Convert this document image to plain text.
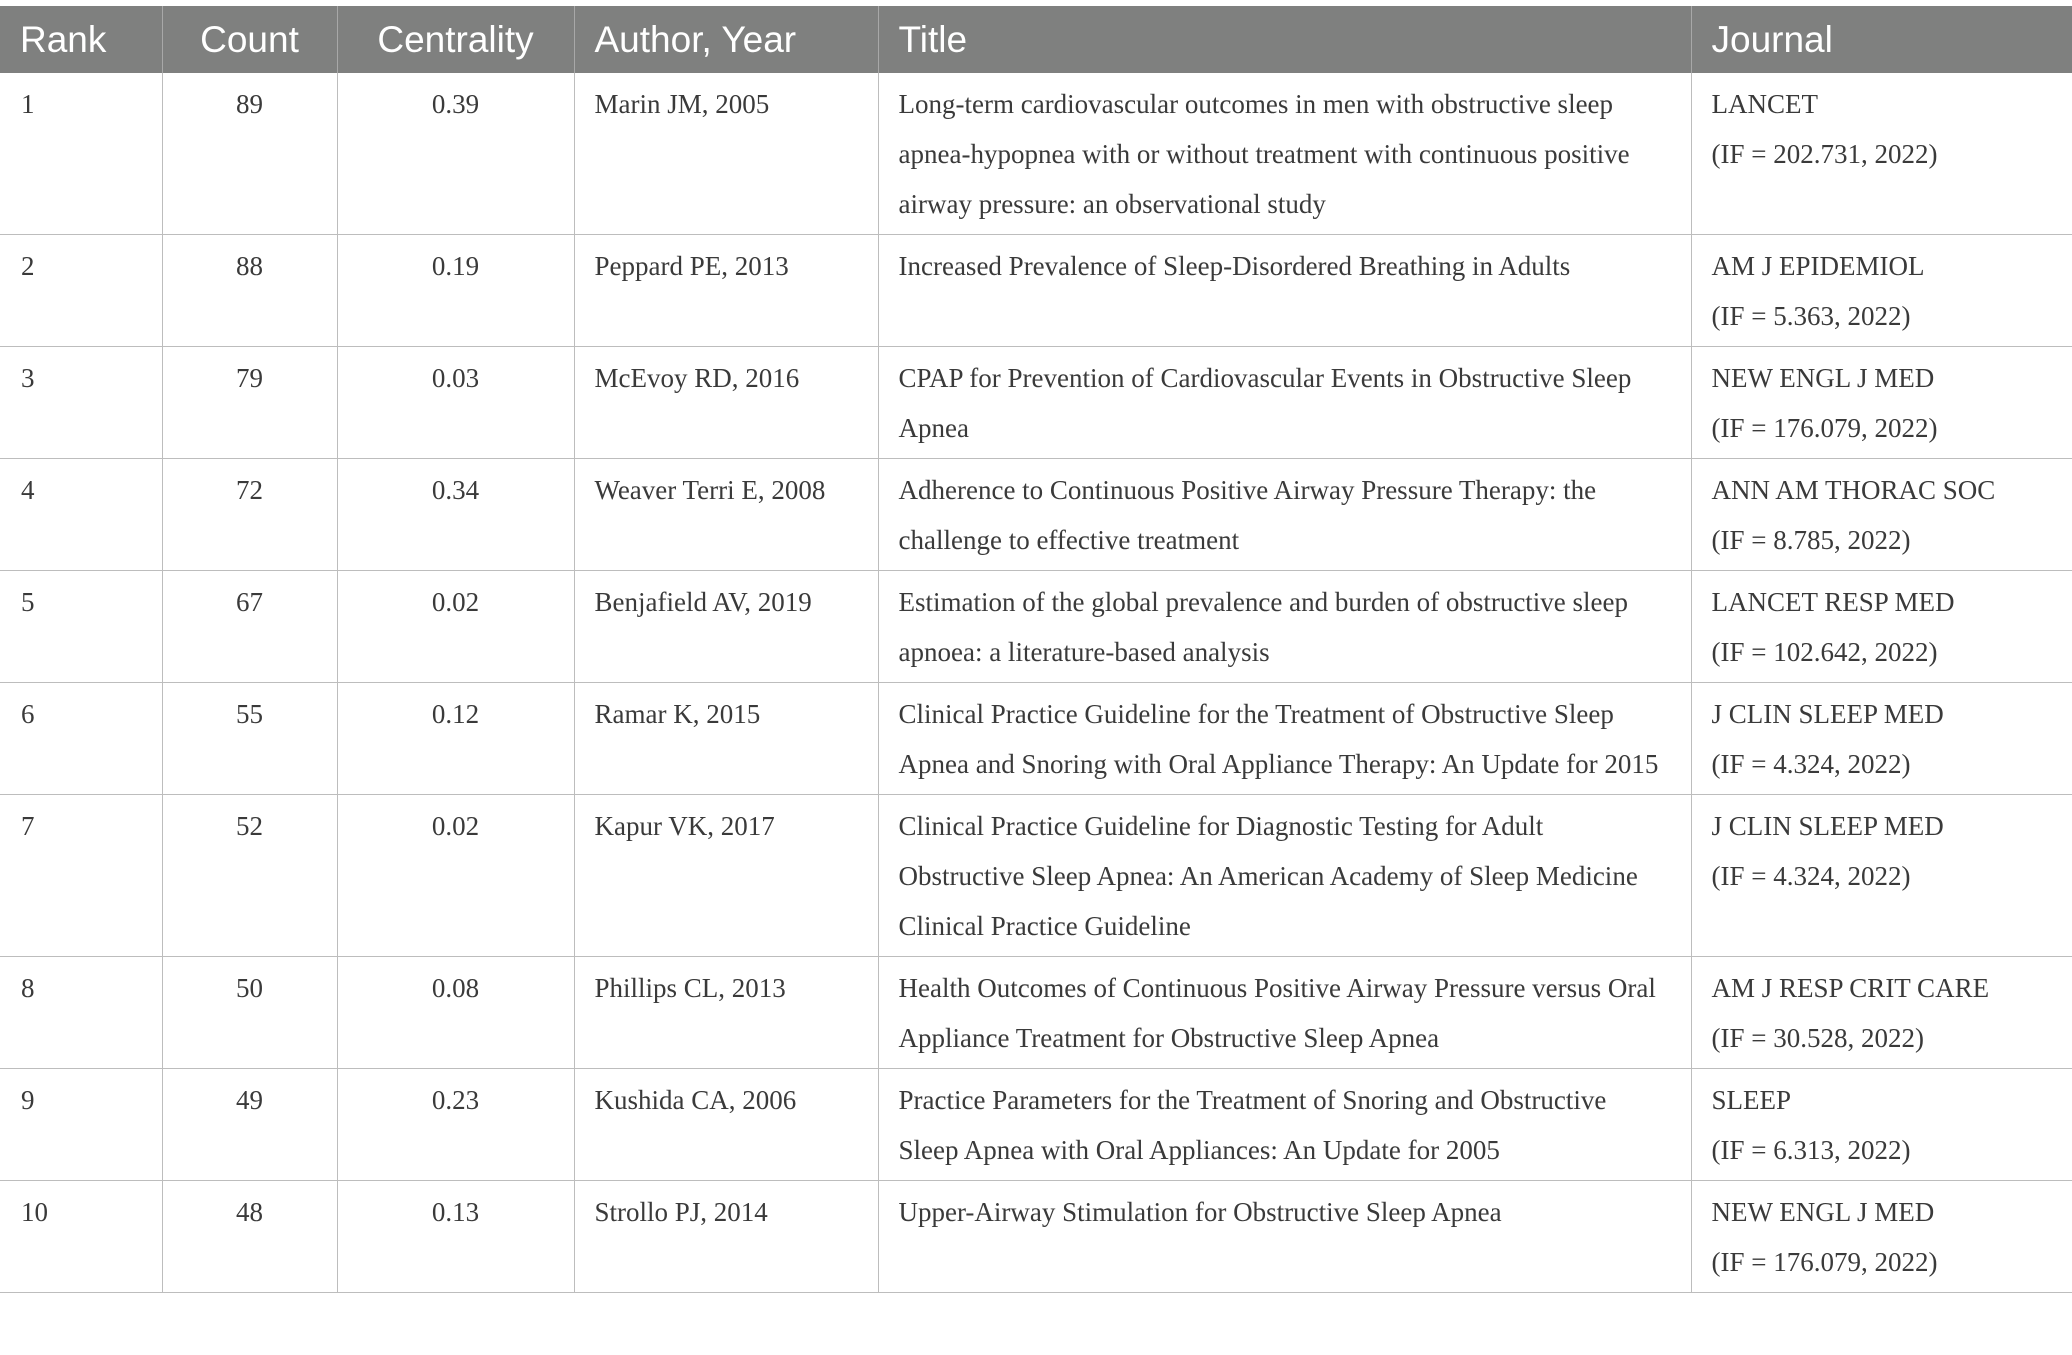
Rank	Count	Centrality	Author, Year	Title	Journal
1	89	0.39	Marin JM, 2005	Long-term cardiovascular outcomes in men with obstructive sleep apnea-hypopnea with or without treatment with continuous positive airway pressure: an observational study	LANCET
(IF = 202.731, 2022)

2	88	0.19	Peppard PE, 2013	Increased Prevalence of Sleep-Disordered Breathing in Adults	AM J EPIDEMIOL
(IF = 5.363, 2022)

3	79	0.03	McEvoy RD, 2016	CPAP for Prevention of Cardiovascular Events in Obstructive Sleep Apnea	NEW ENGL J MED
(IF = 176.079, 2022)

4	72	0.34	Weaver Terri E, 2008	Adherence to Continuous Positive Airway Pressure Therapy: the challenge to effective treatment	ANN AM THORAC SOC
(IF = 8.785, 2022)

5	67	0.02	Benjafield AV, 2019	Estimation of the global prevalence and burden of obstructive sleep apnoea: a literature-based analysis	LANCET RESP MED
(IF = 102.642, 2022)

6	55	0.12	Ramar K, 2015	Clinical Practice Guideline for the Treatment of Obstructive Sleep Apnea and Snoring with Oral Appliance Therapy: An Update for 2015	J CLIN SLEEP MED
(IF = 4.324, 2022)

7	52	0.02	Kapur VK, 2017	Clinical Practice Guideline for Diagnostic Testing for Adult Obstructive Sleep Apnea: An American Academy of Sleep Medicine Clinical Practice Guideline	J CLIN SLEEP MED
(IF = 4.324, 2022)

8	50	0.08	Phillips CL, 2013	Health Outcomes of Continuous Positive Airway Pressure versus Oral Appliance Treatment for Obstructive Sleep Apnea	AM J RESP CRIT CARE
(IF = 30.528, 2022)

9	49	0.23	Kushida CA, 2006	Practice Parameters for the Treatment of Snoring and Obstructive Sleep Apnea with Oral Appliances: An Update for 2005	SLEEP
(IF = 6.313, 2022)

10	48	0.13	Strollo PJ, 2014	Upper-Airway Stimulation for Obstructive Sleep Apnea	NEW ENGL J MED
(IF = 176.079, 2022)
